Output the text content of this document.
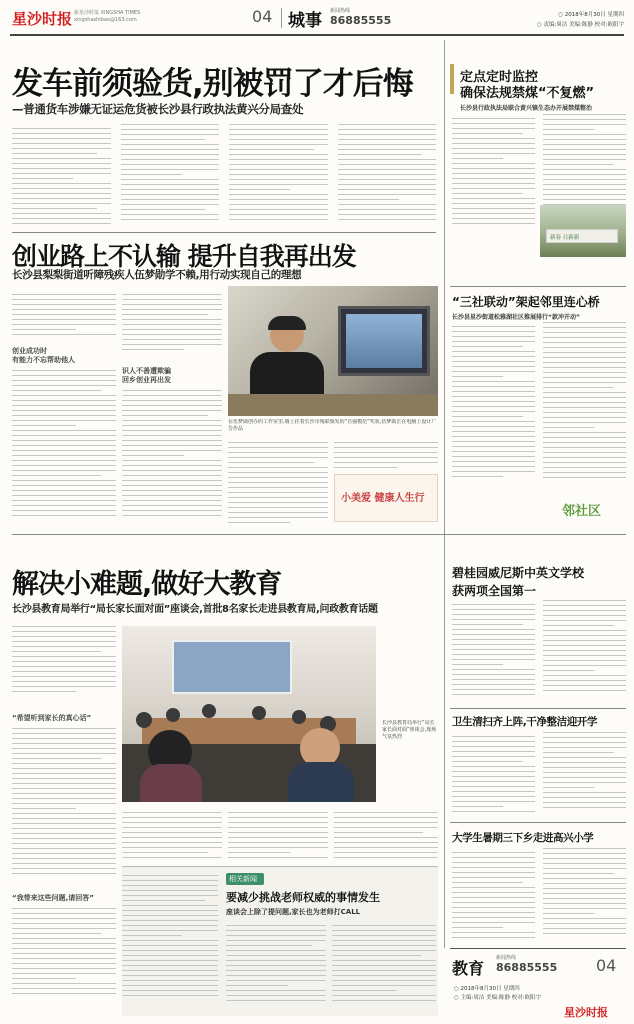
星沙时报 新星沙时报 XINGSHA TIMES
xingshashibao@163.com	04 城事 新闻热线
86885555	○ 2018年8月30日 星期四
○ 责编:周洁 美编:陈静 校对:欧阳宇
发车前须验货,别被罚了才后悔
—普通货车涉嫌无证运危货被长沙县行政执法黄兴分局查处
定点定时监控
确保法规禁煤“不复燃”
长沙县行政执法局联合黄兴镇生态办开展禁煤整治
新春 日新新
创业路上不认输 提升自我再出发
长沙县梨梨街道听障残疾人伍梦勋学不赖,用行动实现自己的理想
创业成功时
有能力不忘帮助他人
识人不善遭欺骗
回乡创业再出发
在伍梦勋创办的工作室里,墙上挂着长沙市残联颁发的“自强模范”奖状,伍梦勋正在电脑上设计广告作品
小美爱 健康人生行
“三社联动”架起邻里连心桥
长沙县星沙街道松雅湖社区推展排行“款冲开动”
邻社区
解决小难题,做好大教育
长沙县教育局举行“局长家长面对面”座谈会,首批8名家长走进县教育局,问政教育话题
“希望听到家长的真心话”
“我带来这些问题,请回答”
长沙县教育局举行“局长家长面对面”座谈会,现场气氛热烈
相关新闻
要减少挑战老师权威的事情发生
座谈会上除了提问题,家长也为老师打CALL
碧桂园威尼斯中英文学校
获两项全国第一
卫生清扫齐上阵,干净整洁迎开学
大学生暑期三下乡走进高兴小学
教育
新闻热线
86885555 04
○ 2018年8月30日 星期四
○ 主编:周洁 美编:陈静 校对:欧阳宇
星沙时报
